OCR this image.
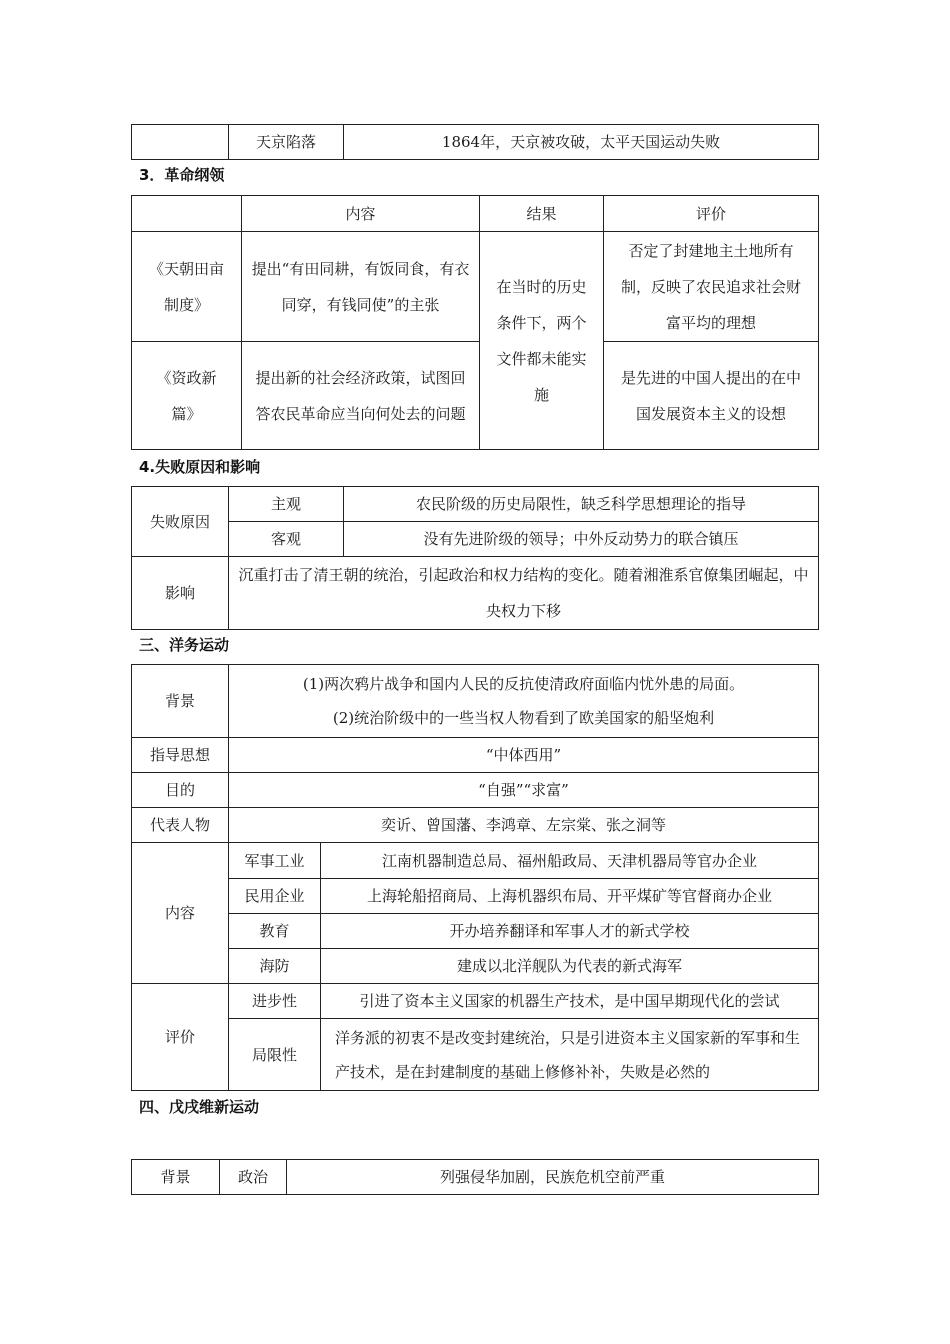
	天京陷落	1864年，天京被攻破，太平天国运动失败
3．革命纲领
	内容	结果	评价
《天朝田亩制度》	提出“有田同耕，有饭同食，有衣同穿，有钱同使”的主张	在当时的历史条件下，两个文件都未能实施	否定了封建地主土地所有制，反映了农民追求社会财富平均的理想
《资政新篇》	提出新的社会经济政策，试图回答农民革命应当向何处去的问题		是先进的中国人提出的在中国发展资本主义的设想
4.失败原因和影响
失败原因	主观	农民阶级的历史局限性，缺乏科学思想理论的指导
	客观	没有先进阶级的领导；中外反动势力的联合镇压
影响	沉重打击了清王朝的统治，引起政治和权力结构的变化。随着湘淮系官僚集团崛起，中央权力下移	
三、洋务运动
背景	(1)两次鸦片战争和国内人民的反抗使清政府面临内忧外患的局面。
(2)统治阶级中的一些当权人物看到了欧美国家的船坚炮利	

指导思想	“中体西用”	
目的	“自强”“求富”	
代表人物	奕䜣、曾国藩、李鸿章、左宗棠、张之洞等	
内容	军事工业	江南机器制造总局、福州船政局、天津机器局等官办企业
	民用企业	上海轮船招商局、上海机器织布局、开平煤矿等官督商办企业
	教育	开办培养翻译和军事人才的新式学校
	海防	建成以北洋舰队为代表的新式海军
评价	进步性	引进了资本主义国家的机器生产技术，是中国早期现代化的尝试
	局限性	洋务派的初衷不是改变封建统治，只是引进资本主义国家新的军事和生产技术，是在封建制度的基础上修修补补，失败是必然的
四、戊戌维新运动
背景	政治	列强侵华加剧，民族危机空前严重
